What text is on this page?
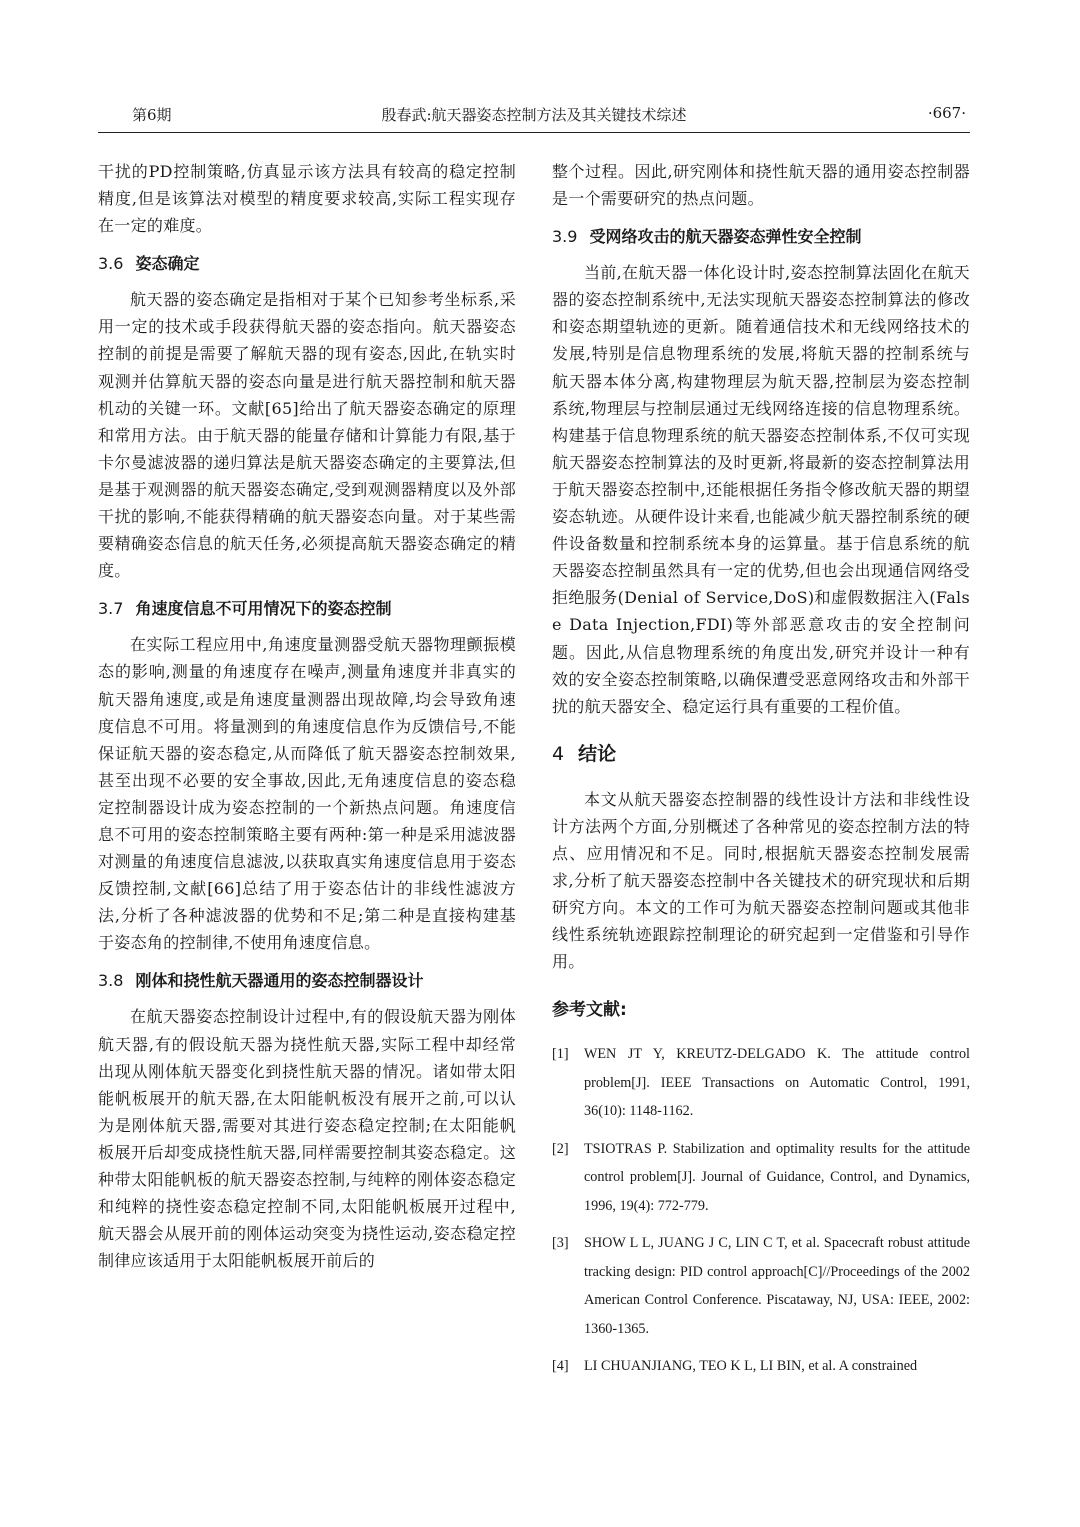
第6期	殷春武:航天器姿态控制方法及其关键技术综述	·667·

干扰的PD控制策略,仿真显示该方法具有较高的稳定控制精度,但是该算法对模型的精度要求较高,实际工程实现存在一定的难度。

3.6 姿态确定

航天器的姿态确定是指相对于某个已知参考坐标系,采用一定的技术或手段获得航天器的姿态指向。航天器姿态控制的前提是需要了解航天器的现有姿态,因此,在轨实时观测并估算航天器的姿态向量是进行航天器控制和航天器机动的关键一环。文献[65]给出了航天器姿态确定的原理和常用方法。由于航天器的能量存储和计算能力有限,基于卡尔曼滤波器的递归算法是航天器姿态确定的主要算法,但是基于观测器的航天器姿态确定,受到观测器精度以及外部干扰的影响,不能获得精确的航天器姿态向量。对于某些需要精确姿态信息的航天任务,必须提高航天器姿态确定的精度。

3.7 角速度信息不可用情况下的姿态控制

在实际工程应用中,角速度量测器受航天器物理颤振模态的影响,测量的角速度存在噪声,测量角速度并非真实的航天器角速度,或是角速度量测器出现故障,均会导致角速度信息不可用。将量测到的角速度信息作为反馈信号,不能保证航天器的姿态稳定,从而降低了航天器姿态控制效果,甚至出现不必要的安全事故,因此,无角速度信息的姿态稳定控制器设计成为姿态控制的一个新热点问题。角速度信息不可用的姿态控制策略主要有两种:第一种是采用滤波器对测量的角速度信息滤波,以获取真实角速度信息用于姿态反馈控制,文献[66]总结了用于姿态估计的非线性滤波方法,分析了各种滤波器的优势和不足;第二种是直接构建基于姿态角的控制律,不使用角速度信息。

3.8 刚体和挠性航天器通用的姿态控制器设计

在航天器姿态控制设计过程中,有的假设航天器为刚体航天器,有的假设航天器为挠性航天器,实际工程中却经常出现从刚体航天器变化到挠性航天器的情况。诸如带太阳能帆板展开的航天器,在太阳能帆板没有展开之前,可以认为是刚体航天器,需要对其进行姿态稳定控制;在太阳能帆板展开后却变成挠性航天器,同样需要控制其姿态稳定。这种带太阳能帆板的航天器姿态控制,与纯粹的刚体姿态稳定和纯粹的挠性姿态稳定控制不同,太阳能帆板展开过程中,航天器会从展开前的刚体运动突变为挠性运动,姿态稳定控制律应该适用于太阳能帆板展开前后的

整个过程。因此,研究刚体和挠性航天器的通用姿态控制器是一个需要研究的热点问题。

3.9 受网络攻击的航天器姿态弹性安全控制

当前,在航天器一体化设计时,姿态控制算法固化在航天器的姿态控制系统中,无法实现航天器姿态控制算法的修改和姿态期望轨迹的更新。随着通信技术和无线网络技术的发展,特别是信息物理系统的发展,将航天器的控制系统与航天器本体分离,构建物理层为航天器,控制层为姿态控制系统,物理层与控制层通过无线网络连接的信息物理系统。构建基于信息物理系统的航天器姿态控制体系,不仅可实现航天器姿态控制算法的及时更新,将最新的姿态控制算法用于航天器姿态控制中,还能根据任务指令修改航天器的期望姿态轨迹。从硬件设计来看,也能减少航天器控制系统的硬件设备数量和控制系统本身的运算量。基于信息系统的航天器姿态控制虽然具有一定的优势,但也会出现通信网络受拒绝服务(Denial of Service,DoS)和虚假数据注入(False Data Injection,FDI)等外部恶意攻击的安全控制问题。因此,从信息物理系统的角度出发,研究并设计一种有效的安全姿态控制策略,以确保遭受恶意网络攻击和外部干扰的航天器安全、稳定运行具有重要的工程价值。

4 结论

本文从航天器姿态控制器的线性设计方法和非线性设计方法两个方面,分别概述了各种常见的姿态控制方法的特点、应用情况和不足。同时,根据航天器姿态控制发展需求,分析了航天器姿态控制中各关键技术的研究现状和后期研究方向。本文的工作可为航天器姿态控制问题或其他非线性系统轨迹跟踪控制理论的研究起到一定借鉴和引导作用。

参考文献:
[1] WEN JT Y, KREUTZ-DELGADO K. The attitude control problem[J]. IEEE Transactions on Automatic Control, 1991, 36(10): 1148-1162.
[2] TSIOTRAS P. Stabilization and optimality results for the attitude control problem[J]. Journal of Guidance, Control, and Dynamics, 1996, 19(4): 772-779.
[3] SHOW L L, JUANG J C, LIN C T, et al. Spacecraft robust attitude tracking design: PID control approach[C]//Proceedings of the 2002 American Control Conference. Piscataway, NJ, USA: IEEE, 2002: 1360-1365.
[4] LI CHUANJIANG, TEO K L, LI BIN, et al. A constrained
